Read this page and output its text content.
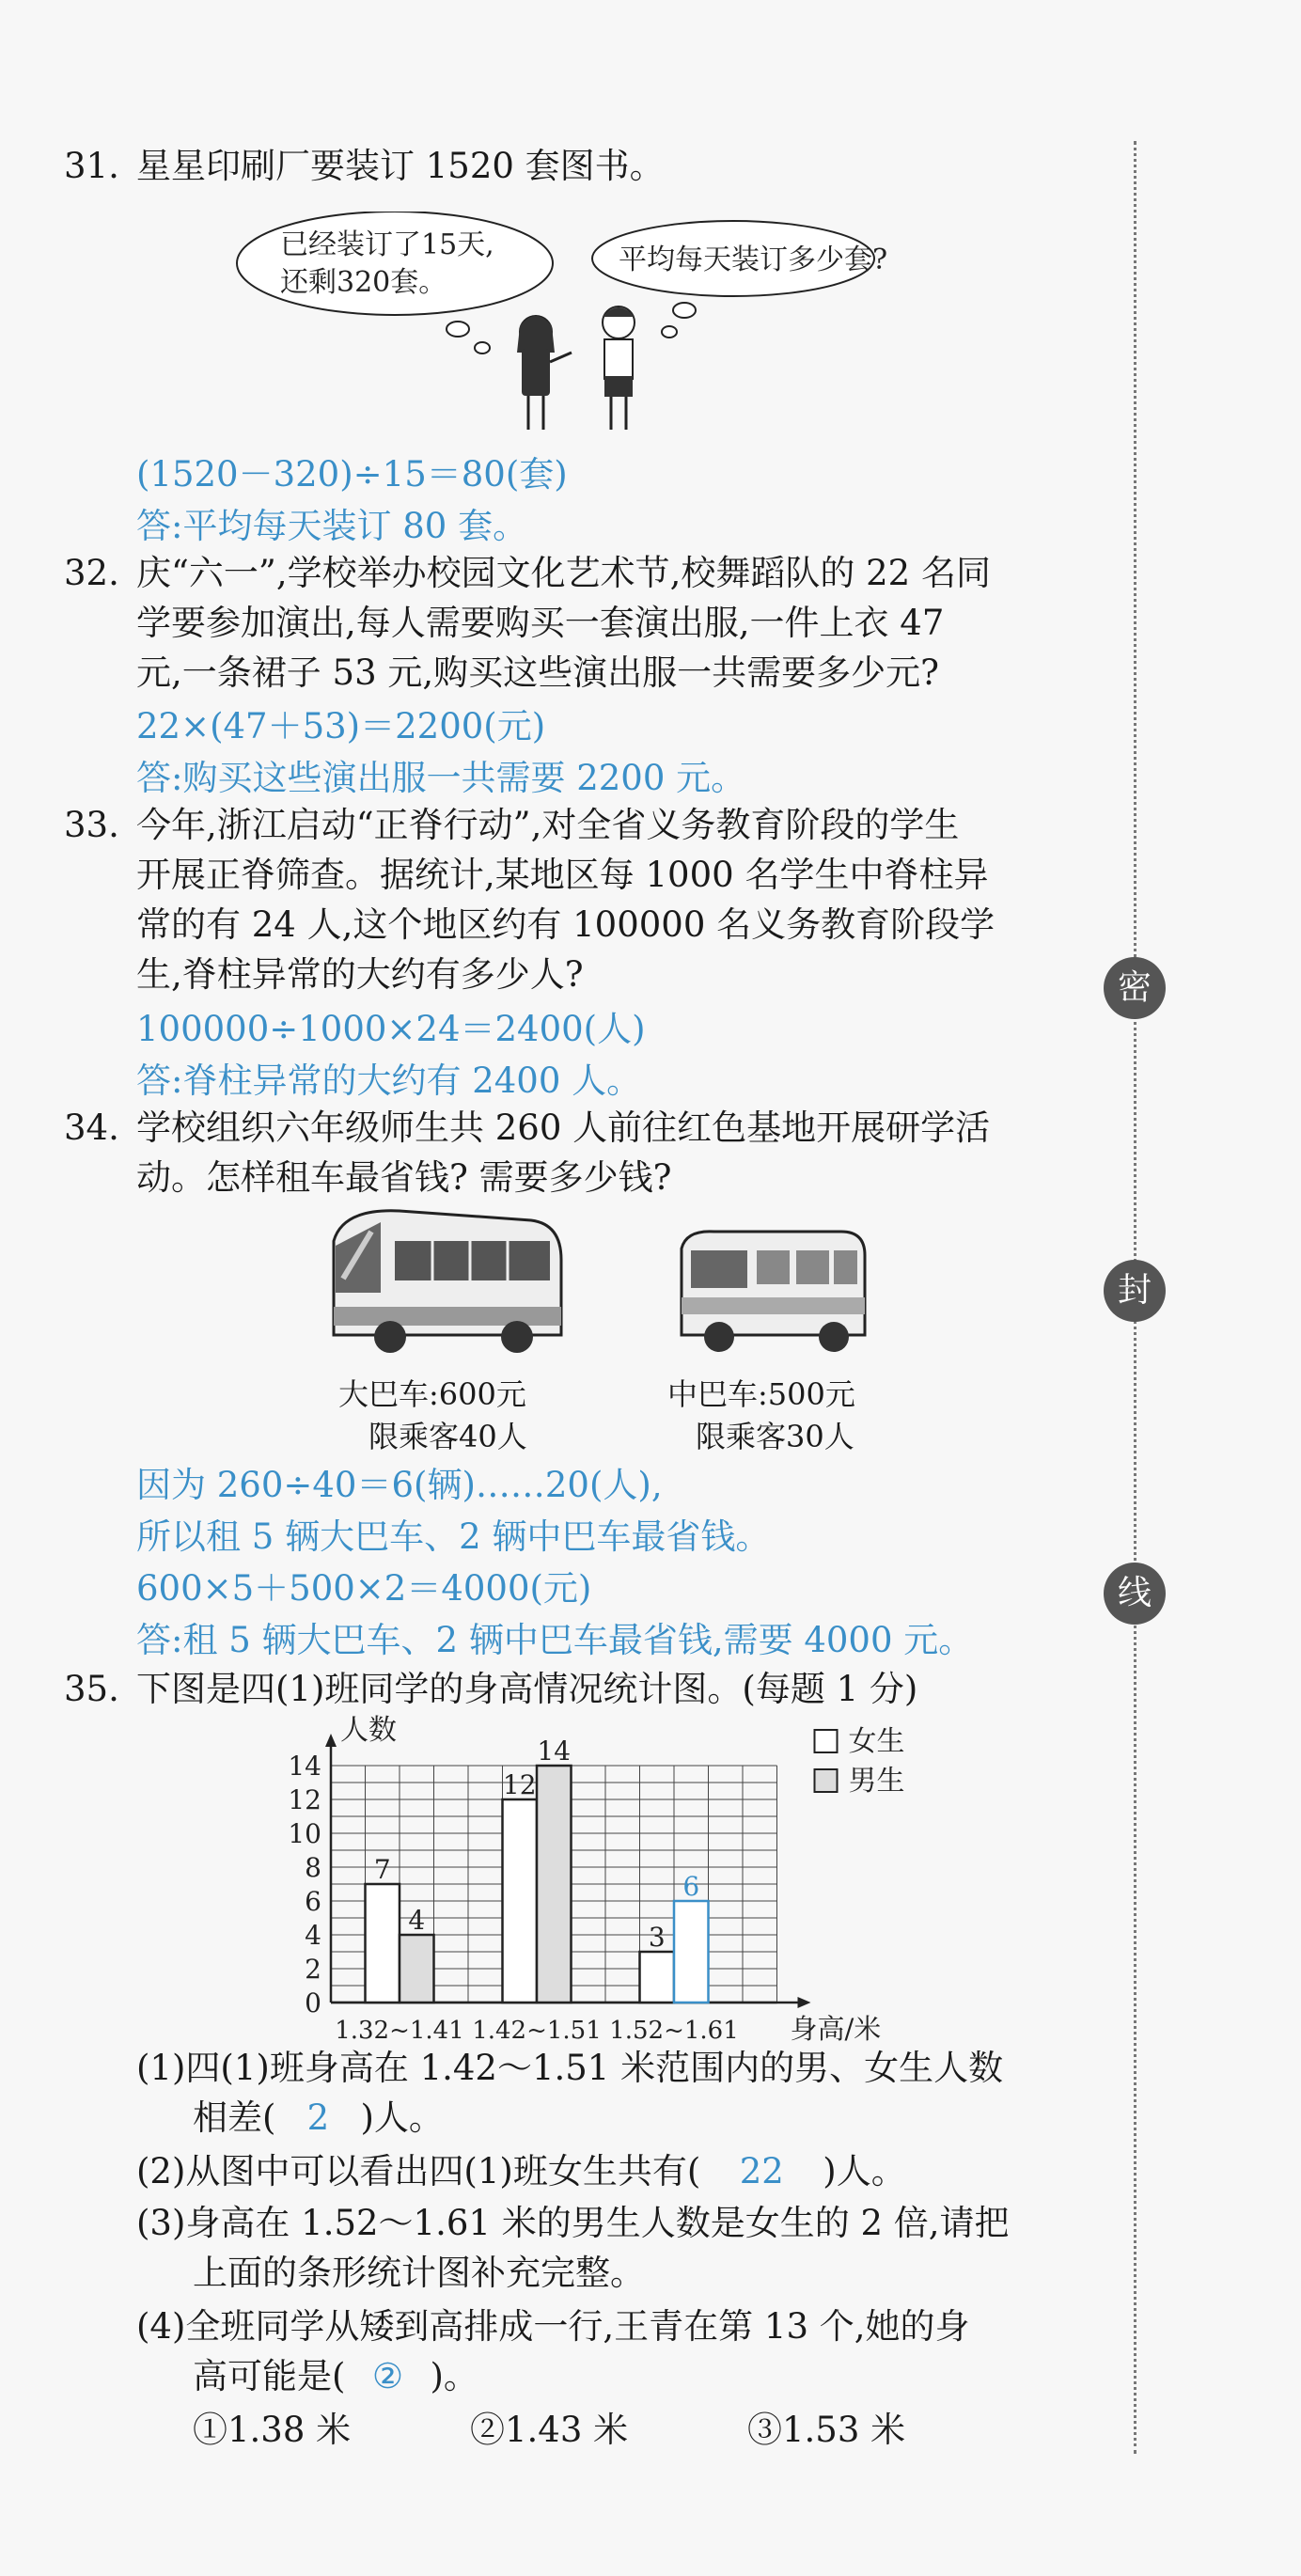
31. 星星印刷厂要装订 1520 套图书。
已经装订了15天,
还剩320套。
平均每天装订多少套?
(1520－320)÷15＝80(套)
答:平均每天装订 80 套。
32. 庆“六一”,学校举办校园文化艺术节,校舞蹈队的 22 名同
学要参加演出,每人需要购买一套演出服,一件上衣 47
元,一条裙子 53 元,购买这些演出服一共需要多少元?
22×(47＋53)＝2200(元)
答:购买这些演出服一共需要 2200 元。
33. 今年,浙江启动“正脊行动”,对全省义务教育阶段的学生
开展正脊筛查。据统计,某地区每 1000 名学生中脊柱异
常的有 24 人,这个地区约有 100000 名义务教育阶段学
生,脊柱异常的大约有多少人?
100000÷1000×24＝2400(人)
答:脊柱异常的大约有 2400 人。
34. 学校组织六年级师生共 260 人前往红色基地开展研学活
动。怎样租车最省钱? 需要多少钱?
大巴车:600元
限乘客40人
中巴车:500元
限乘客30人
因为 260÷40＝6(辆)……20(人),
所以租 5 辆大巴车、2 辆中巴车最省钱。
600×5＋500×2＝4000(元)
答:租 5 辆大巴车、2 辆中巴车最省钱,需要 4000 元。
35. 下图是四(1)班同学的身高情况统计图。(每题 1 分)
0
2
4
6
8
10
12
14
人数
身高/米
7
4
1.32~1.41
12
14
1.42~1.51
3
6
1.52~1.61
女生
男生
(1)四(1)班身高在 1.42～1.51 米范围内的男、女生人数
相差( 2 )人。
(2)从图中可以看出四(1)班女生共有( 22 )人。
(3)身高在 1.52～1.61 米的男生人数是女生的 2 倍,请把
上面的条形统计图补充完整。
(4)全班同学从矮到高排成一行,王青在第 13 个,她的身
高可能是( ② )。
①1.38 米	②1.43 米	③1.53 米
密
封
线
